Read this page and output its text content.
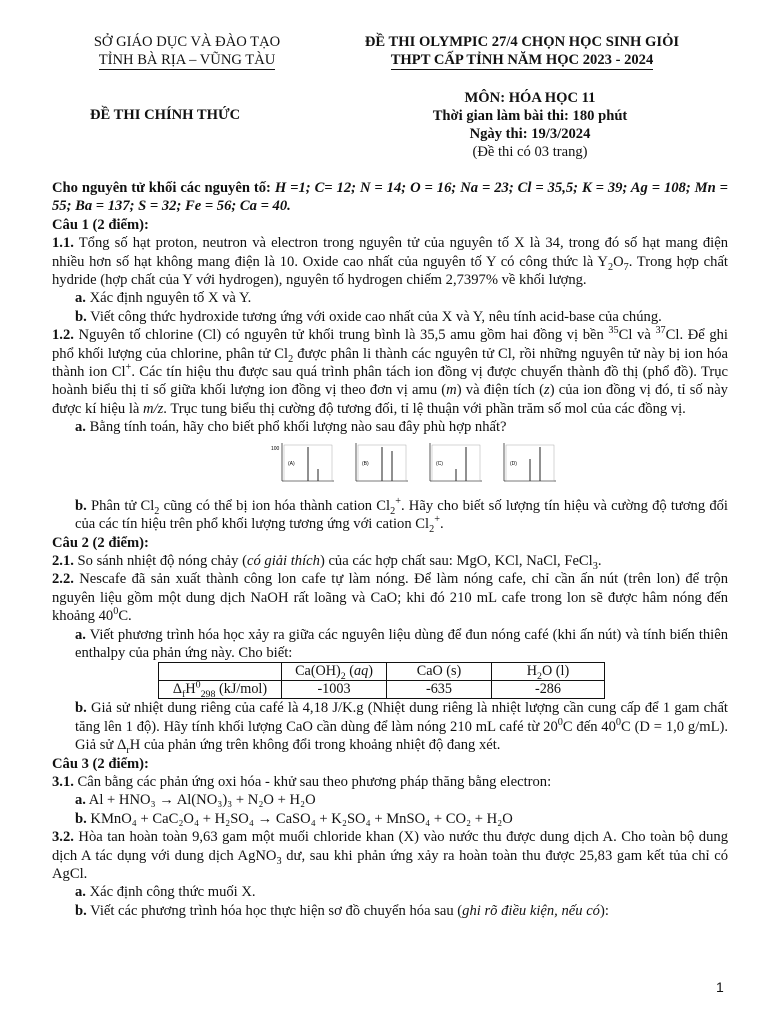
SỞ GIÁO DỤC VÀ ĐÀO TẠO
TỈNH BÀ RỊA – VŨNG TÀU
ĐỀ THI OLYMPIC 27/4 CHỌN HỌC SINH GIỎI
THPT CẤP TỈNH NĂM HỌC 2023 - 2024
ĐỀ THI CHÍNH THỨC
MÔN: HÓA HỌC 11
Thời gian làm bài thi: 180 phút
Ngày thi: 19/3/2024
(Đề thi có 03 trang)

Cho nguyên tử khối các nguyên tố: H =1; C= 12; N = 14; O = 16; Na = 23; Cl = 35,5; K = 39; Ag = 108; Mn = 55; Ba = 137; S = 32; Fe = 56; Ca = 40.

Câu 1 (2 điểm):

1.1. Tổng số hạt proton, neutron và electron trong nguyên tử của nguyên tố X là 34, trong đó số hạt mang điện nhiều hơn số hạt không mang điện là 10. Oxide cao nhất của nguyên tố Y có công thức là $Y_2O_7$. Trong hợp chất hydride (hợp chất của Y với hydrogen), nguyên tố hydrogen chiếm 2,7397% về khối lượng.

a. Xác định nguyên tố X và Y.

b. Viết công thức hydroxide tương ứng với oxide cao nhất của X và Y, nêu tính acid-base của chúng.

1.2. Nguyên tố chlorine (Cl) có nguyên tử khối trung bình là 35,5 amu gồm hai đồng vị bền $^{35}$Cl và $^{37}$Cl. Để ghi phổ khối lượng của chlorine, phân tử $Cl_2$ được phân li thành các nguyên tử Cl, rồi những nguyên tử này bị ion hóa thành ion Cl+. Các tín hiệu thu được sau quá trình phân tách ion đồng vị được chuyển thành đồ thị (phổ đồ). Trục hoành biểu thị tỉ số giữa khối lượng ion đồng vị theo đơn vị amu (m) và điện tích (z) của ion đồng vị đó, tỉ số này được kí hiệu là m/z. Trục tung biểu thị cường độ tương đối, tỉ lệ thuận với phần trăm số mol của các đồng vị.

a. Bằng tính toán, hãy cho biết phổ khối lượng nào sau đây phù hợp nhất?

100
(A)	(B)	(C)	(D)

b. Phân tử $Cl_2$ cũng có thể bị ion hóa thành cation $Cl_2^+$. Hãy cho biết số lượng tín hiệu và cường độ tương đối của các tín hiệu trên phổ khối lượng tương ứng với cation $Cl_2^+$.

Câu 2 (2 điểm):

2.1. So sánh nhiệt độ nóng chảy (có giải thích) của các hợp chất sau: MgO, KCl, NaCl, FeCl$_3$.

2.2. Nescafe đã sản xuất thành công lon cafe tự làm nóng. Để làm nóng cafe, chỉ cần ấn nút (trên lon) để trộn nguyên liệu gồm một dung dịch NaOH rất loãng và CaO; khi đó 210 mL cafe trong lon sẽ được hâm nóng đến khoảng $40^0C$.

a. Viết phương trình hóa học xảy ra giữa các nguyên liệu dùng để đun nóng café (khi ấn nút) và tính biến thiên enthalpy của phản ứng này. Cho biết:

	$Ca(OH)_2$ (aq)	CaO (s)	$H_2O$ (l)
$\Delta_fH^0_{298}$ (kJ/mol)	-1003	-635	-286

b. Giả sử nhiệt dung riêng của café là 4,18 J/K.g (Nhiệt dung riêng là nhiệt lượng cần cung cấp để 1 gam chất tăng lên 1 độ). Hãy tính khối lượng CaO cần dùng để làm nóng 210 mL café từ $20^0C$ đến $40^0C$ (D = 1,0 g/mL). Giả sử $\Delta_rH$ của phản ứng trên không đổi trong khoảng nhiệt độ đang xét.

Câu 3 (2 điểm):

3.1. Cân bằng các phản ứng oxi hóa - khử sau theo phương pháp thăng bằng electron:

a. Al + HNO₃ → Al(NO₃)₃ + N₂O + H₂O

b. KMnO₄ + CaC₂O₄ + H₂SO₄ → CaSO₄ + K₂SO₄ + MnSO₄ + CO₂ + H₂O

3.2. Hòa tan hoàn toàn 9,63 gam một muối chloride khan (X) vào nước thu được dung dịch A. Cho toàn bộ dung dịch A tác dụng với dung dịch AgNO$_3$ dư, sau khi phản ứng xảy ra hoàn toàn thu được 25,83 gam kết tủa chỉ có AgCl.

a. Xác định công thức muối X.

b. Viết các phương trình hóa học thực hiện sơ đồ chuyển hóa sau (ghi rõ điều kiện, nếu có):

1
